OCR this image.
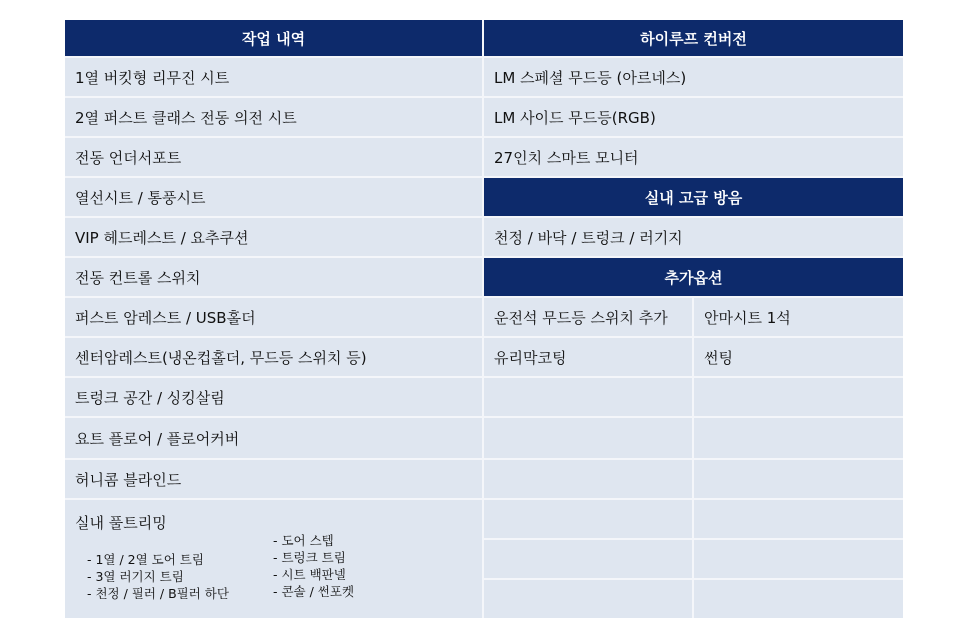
작업 내역
1열 버킷형 리무진 시트
2열 퍼스트 클래스 전동 의전 시트
전동 언더서포트
열선시트 / 통풍시트
VIP 헤드레스트 / 요추쿠션
전동 컨트롤 스위치
퍼스트 암레스트 / USB홀더
센터암레스트(냉온컵홀더, 무드등 스위치 등)
트렁크 공간 / 싱킹살림
요트 플로어 / 플로어커버
허니콤 블라인드
실내 풀트리밍
- 1열 / 2열 도어 트림
- 3열 러기지 트림
- 천정 / 필러 / B필러 하단
- 도어 스텝
- 트렁크 트림
- 시트 백판넬
- 콘솔 / 썬포켓
하이루프 컨버전
LM 스페셜 무드등 (아르네스)
LM 사이드 무드등(RGB)
27인치 스마트 모니터
실내 고급 방음
천정 / 바닥 / 트렁크 / 러기지
추가옵션
운전석 무드등 스위치 추가	안마시트 1석
유리막코팅	썬팅
